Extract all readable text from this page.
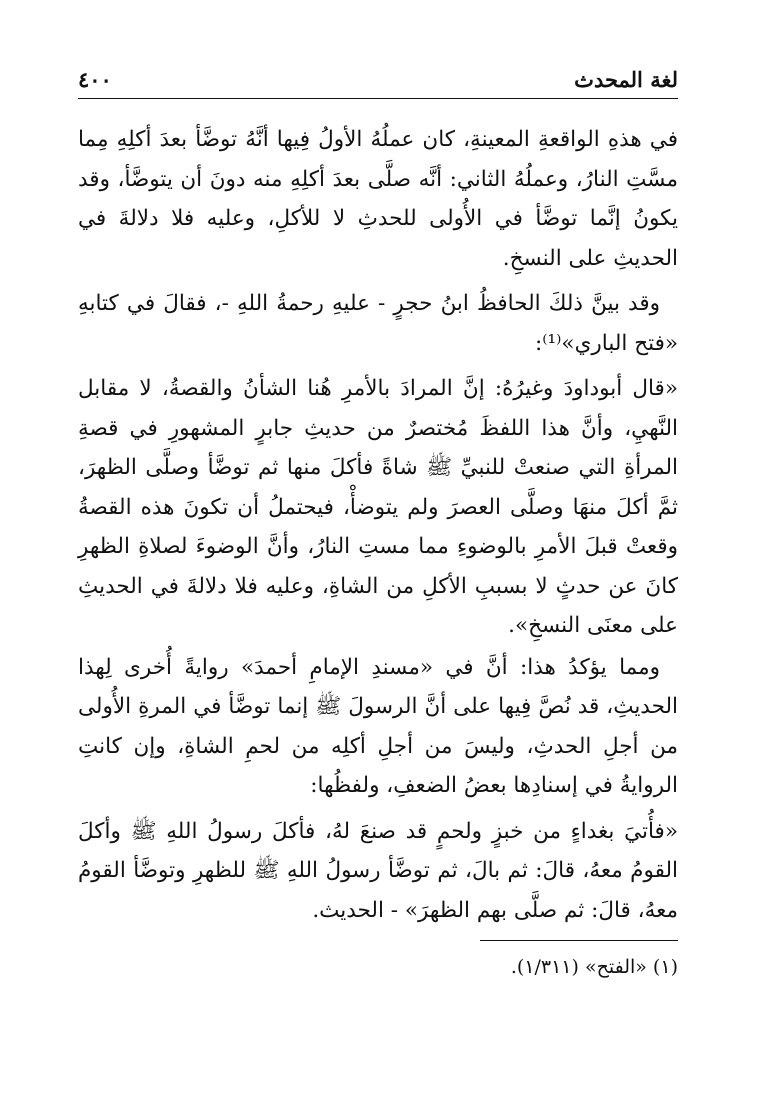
لغة المحدث
٤٠٠

في هذهِ الواقعةِ المعينةِ، كان عملُهُ الأولُ فِيها أنَّهُ توضَّأ بعدَ أكلِهِ مِما مسَّتِ النارُ، وعملُهُ الثاني: أنَّه صلَّى بعدَ أكلِهِ منه دونَ أن يتوضَّأ، وقد يكونُ إنَّما توضَّأ في الأُولى للحدثِ لا للأكلِ، وعليه فلا دلالةَ في الحديثِ على النسخِ.

وقد بينَّ ذلكَ الحافظُ ابنُ حجرٍ - عليهِ رحمةُ اللهِ -، فقالَ في كتابهِ «فتح الباري»⁽¹⁾:

«قال أبوداودَ وغيرُهُ: إنَّ المرادَ بالأمرِ هُنا الشأنُ والقصةُ، لا مقابل النَّهيِ، وأنَّ هذا اللفظَ مُختصرٌ من حديثِ جابرٍ المشهورِ في قصةِ المرأةِ التي صنعتْ للنبيِّ ﷺ شاةً فأكلَ منها ثم توضَّأ وصلَّى الظهرَ، ثمَّ أكلَ منهَا وصلَّى العصرَ ولم يتوضأْ، فيحتملُ أن تكونَ هذه القصةُ وقعتْ قبلَ الأمرِ بالوضوءِ مما مستِ النارُ، وأنَّ الوضوءَ لصلاةِ الظهرِ كانَ عن حدثٍ لا بسببِ الأكلِ من الشاةِ، وعليه فلا دلالةَ في الحديثِ على معنَى النسخِ».

ومما يؤكدُ هذا: أنَّ في «مسندِ الإمامِ أحمدَ» روايةً أُخرى لِهذا الحديثِ، قد نُصَّ فِيها على أنَّ الرسولَ ﷺ إنما توضَّأ في المرةِ الأُولى من أجلِ الحدثِ، وليسَ من أجلِ أكلِه من لحمِ الشاةِ، وإن كانتِ الروايةُ في إسنادِها بعضُ الضعفِ، ولفظُها:

«فأُتيَ بغداءٍ من خبزٍ ولحمٍ قد صنعَ لهُ، فأكلَ رسولُ اللهِ ﷺ وأكلَ القومُ معهُ، قالَ: ثم بالَ، ثم توضَّأ رسولُ اللهِ ﷺ للظهرِ وتوضَّأ القومُ معهُ، قالَ: ثم صلَّى بهم الظهرَ» - الحديث.

(١) «الفتح» (١/٣١١).
